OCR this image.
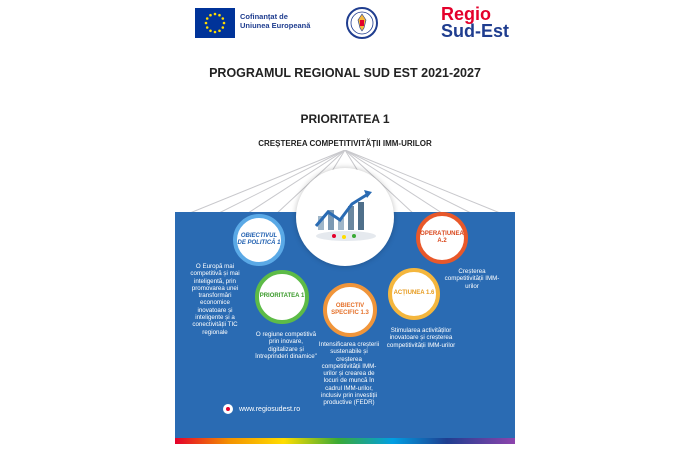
Cofinanțat de
Uniunea Europeană
Regio
Sud-Est
PROGRAMUL REGIONAL SUD EST 2021-2027
PRIORITATEA 1
CREȘTEREA COMPETITIVITĂȚII IMM-URILOR
OBIECTIVUL DE POLITICĂ 1
OPERAȚIUNEA A.2
PRIORITATEA 1
OBIECTIV SPECIFIC 1.3
ACȚIUNEA 1.6
O Europă mai competitivă și mai inteligentă, prin promovarea unei transformări economice inovatoare și inteligente și a conectivității TIC regionale
Creșterea competitivității IMM-urilor
O regiune competitivă prin inovare, digitalizare și întreprinderi dinamice"
Intensificarea creșterii sustenabile și creșterea competitivității IMM-urilor și crearea de locuri de muncă în cadrul IMM-urilor, inclusiv prin investiții productive (FEDR)
Stimularea activităților inovatoare și creșterea competitivității IMM-urilor
www.regiosudest.ro
